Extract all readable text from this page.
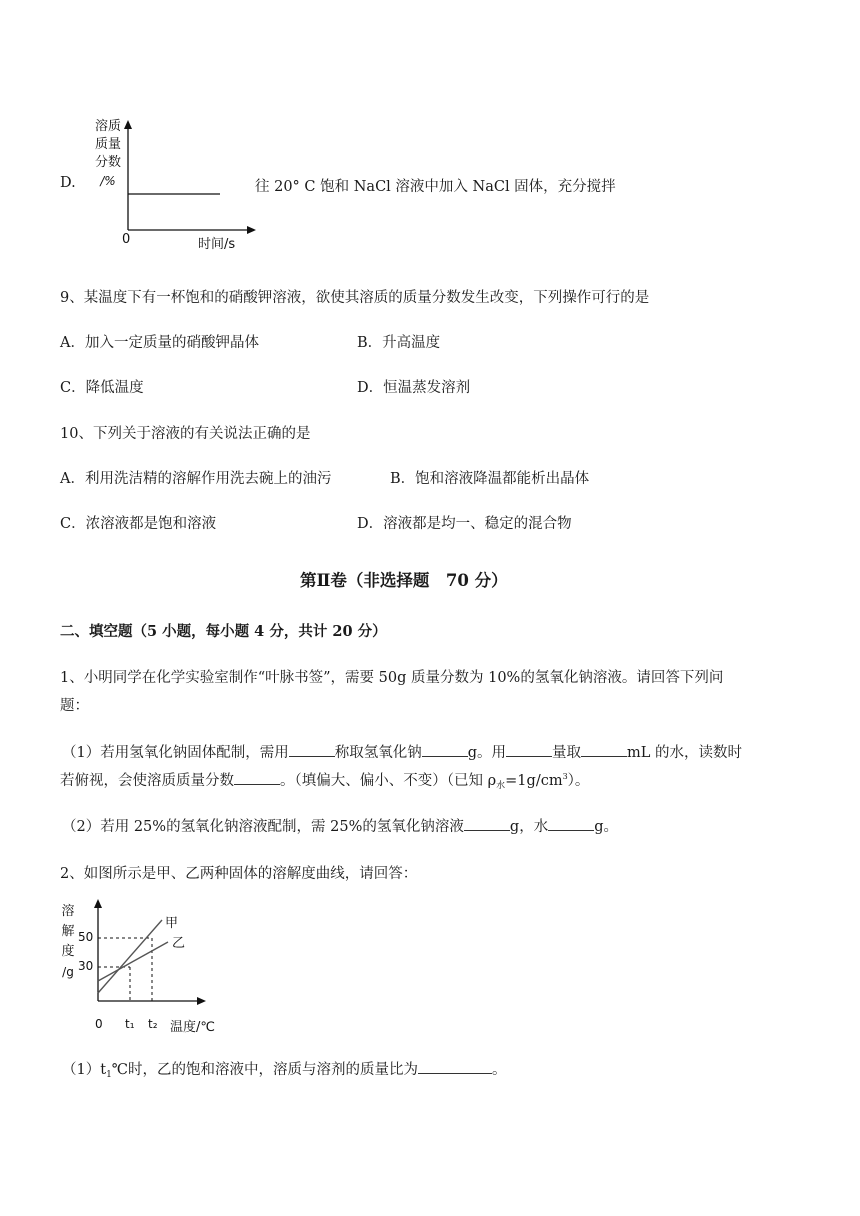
D.
溶质
质量
分数
/%
0	时间/s
往 20° C 饱和 NaCl 溶液中加入 NaCl 固体，充分搅拌
9、某温度下有一杯饱和的硝酸钾溶液，欲使其溶质的质量分数发生改变，下列操作可行的是
A．加入一定质量的硝酸钾晶体	B．升高温度
C．降低温度	D．恒温蒸发溶剂
10、下列关于溶液的有关说法正确的是
A．利用洗洁精的溶解作用洗去碗上的油污	B．饱和溶液降温都能析出晶体
C．浓溶液都是饱和溶液	D．溶液都是均一、稳定的混合物
第Ⅱ卷（非选择题　70 分）
二、填空题（5 小题，每小题 4 分，共计 20 分）
1、小明同学在化学实验室制作“叶脉书签”，需要 50g 质量分数为 10%的氢氧化钠溶液。请回答下列问
题：
（1）若用氢氧化钠固体配制，需用	称取氢氧化钠	g。用	量取	mL 的水，读数时
若俯视，会使溶质质量分数	。（填偏大、偏小、不变）（已知 $\rho_水=1g/cm^3$）。
（2）若用 25%的氢氧化钠溶液配制，需 25%的氢氧化钠溶液	g，水	g。
2、如图所示是甲、乙两种固体的溶解度曲线，请回答：
溶
解
度
/g
50
30
甲
乙
0 t₁ t₂ 温度/℃
$(1)t_1℃$时，乙的饱和溶液中，溶质与溶剂的质量比为	。
